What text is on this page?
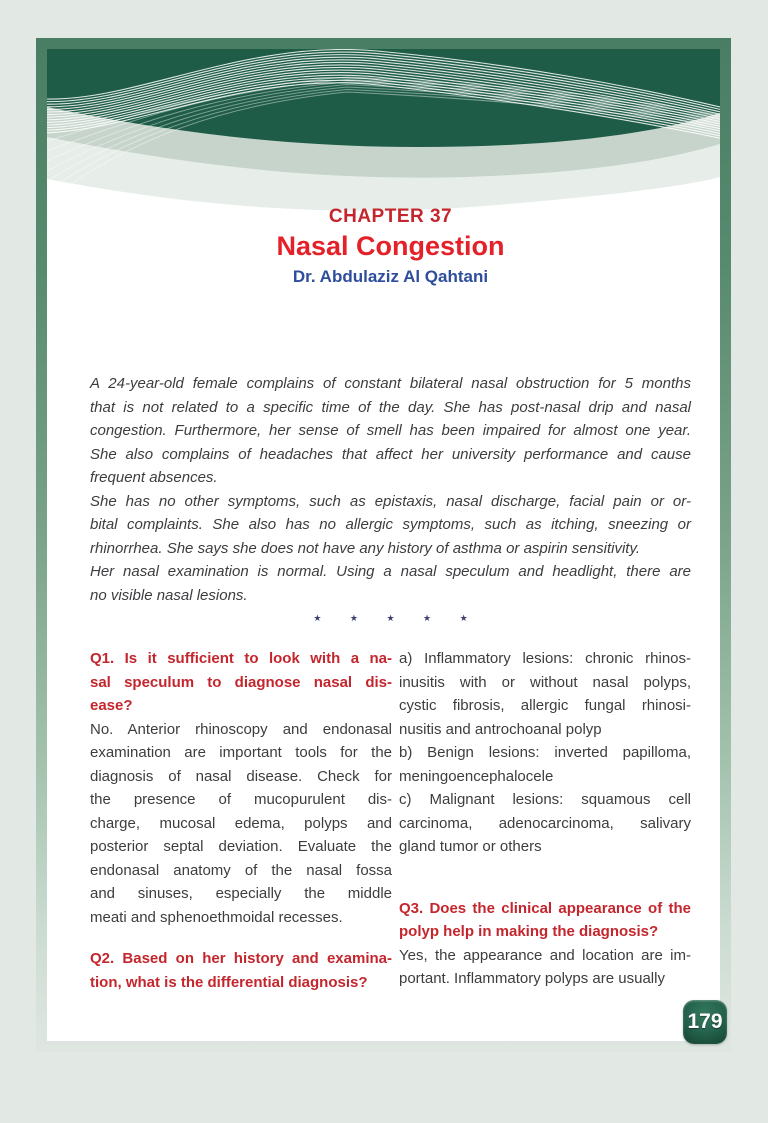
CHAPTER 37
Nasal Congestion
Dr. Abdulaziz Al Qahtani
A 24-year-old female complains of constant bilateral nasal obstruction for 5 months
that is not related to a specific time of the day. She has post-nasal drip and nasal
congestion. Furthermore, her sense of smell has been impaired for almost one year.
She also complains of headaches that affect her university performance and cause
frequent absences.
She has no other symptoms, such as epistaxis, nasal discharge, facial pain or or-
bital complaints. She also has no allergic symptoms, such as itching, sneezing or
rhinorrhea. She says she does not have any history of asthma or aspirin sensitivity.
Her nasal examination is normal. Using a nasal speculum and headlight, there are
no visible nasal lesions.
★ ★ ★ ★ ★
Q1. Is it sufficient to look with a na-
sal speculum to diagnose nasal dis-
ease?
No. Anterior rhinoscopy and endonasal
examination are important tools for the
diagnosis of nasal disease. Check for
the presence of mucopurulent dis-
charge, mucosal edema, polyps and
posterior septal deviation. Evaluate the
endonasal anatomy of the nasal fossa
and sinuses, especially the middle
meati and sphenoethmoidal recesses.
Q2. Based on her history and examina-
tion, what is the differential diagnosis?
a) Inflammatory lesions: chronic rhinos-
inusitis with or without nasal polyps,
cystic fibrosis, allergic fungal rhinosi-
nusitis and antrochoanal polyp
b) Benign lesions: inverted papilloma,
meningoencephalocele
c) Malignant lesions: squamous cell
carcinoma, adenocarcinoma, salivary
gland tumor or others
Q3. Does the clinical appearance of the
polyp help in making the diagnosis?
Yes, the appearance and location are im-
portant. Inflammatory polyps are usually
179
